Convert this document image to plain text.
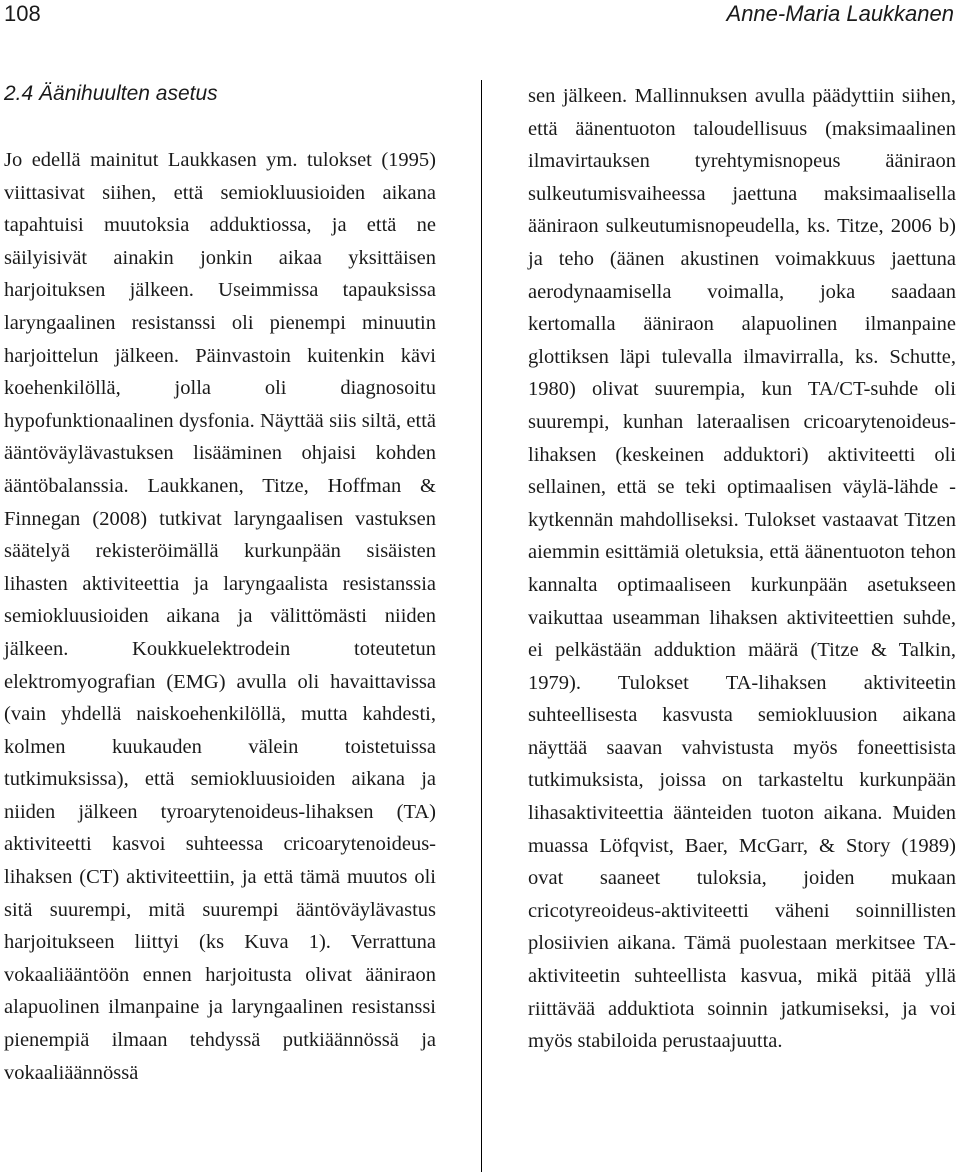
108	Anne-Maria Laukkanen
2.4 Äänihuulten asetus

Jo edellä mainitut Laukkasen ym. tulokset (1995) viittasivat siihen, että semiokluusioiden aikana tapahtuisi muutoksia adduktiossa, ja että ne säilyisivät ainakin jonkin aikaa yksittäisen harjoituksen jälkeen. Useimmissa tapauksissa laryngaalinen resistanssi oli pienempi minuutin harjoittelun jälkeen. Päinvastoin kuitenkin kävi koehenkilöllä, jolla oli diagnosoitu hypofunktionaalinen dysfonia. Näyttää siis siltä, että ääntöväylävastuksen lisääminen ohjaisi kohden ääntöbalanssia. Laukkanen, Titze, Hoffman & Finnegan (2008) tutkivat laryngaalisen vastuksen säätelyä rekisteröimällä kurkunpään sisäisten lihasten aktiviteettia ja laryngaalista resistanssia semiokluusioiden aikana ja välittömästi niiden jälkeen. Koukkuelektrodein toteutetun elektromyografian (EMG) avulla oli havaittavissa (vain yhdellä naiskoehenkilöllä, mutta kahdesti, kolmen kuukauden välein toistetuissa tutkimuksissa), että semiokluusioiden aikana ja niiden jälkeen tyroarytenoideus-lihaksen (TA) aktiviteetti kasvoi suhteessa cricoarytenoideus-lihaksen (CT) aktiviteettiin, ja että tämä muutos oli sitä suurempi, mitä suurempi ääntöväylävastus harjoitukseen liittyi (ks Kuva 1). Verrattuna vokaaliääntöön ennen harjoitusta olivat ääniraon alapuolinen ilmanpaine ja laryngaalinen resistanssi pienempiä ilmaan tehdyssä putkiäännössä ja vokaaliäännössä

sen jälkeen. Mallinnuksen avulla päädyttiin siihen, että äänentuoton taloudellisuus (maksimaalinen ilmavirtauksen tyrehtymisnopeus ääniraon sulkeutumisvaiheessa jaettuna maksimaalisella ääniraon sulkeutumisnopeudella, ks. Titze, 2006 b) ja teho (äänen akustinen voimakkuus jaettuna aerodynaamisella voimalla, joka saadaan kertomalla ääniraon alapuolinen ilmanpaine glottiksen läpi tulevalla ilmavirralla, ks. Schutte, 1980) olivat suurempia, kun TA/CT-suhde oli suurempi, kunhan lateraalisen cricoarytenoideus-lihaksen (keskeinen adduktori) aktiviteetti oli sellainen, että se teki optimaalisen väylä-lähde -kytkennän mahdolliseksi. Tulokset vastaavat Titzen aiemmin esittämiä oletuksia, että äänentuoton tehon kannalta optimaaliseen kurkunpään asetukseen vaikuttaa useamman lihaksen aktiviteettien suhde, ei pelkästään adduktion määrä (Titze & Talkin, 1979). Tulokset TA-lihaksen aktiviteetin suhteellisesta kasvusta semiokluusion aikana näyttää saavan vahvistusta myös foneettisista tutkimuksista, joissa on tarkasteltu kurkunpään lihasaktiviteettia äänteiden tuoton aikana. Muiden muassa Löfqvist, Baer, McGarr, & Story (1989) ovat saaneet tuloksia, joiden mukaan cricotyreoideus-aktiviteetti väheni soinnillisten plosiivien aikana. Tämä puolestaan merkitsee TA-aktiviteetin suhteellista kasvua, mikä pitää yllä riittävää adduktiota soinnin jatkumiseksi, ja voi myös stabiloida perustaajuutta.
